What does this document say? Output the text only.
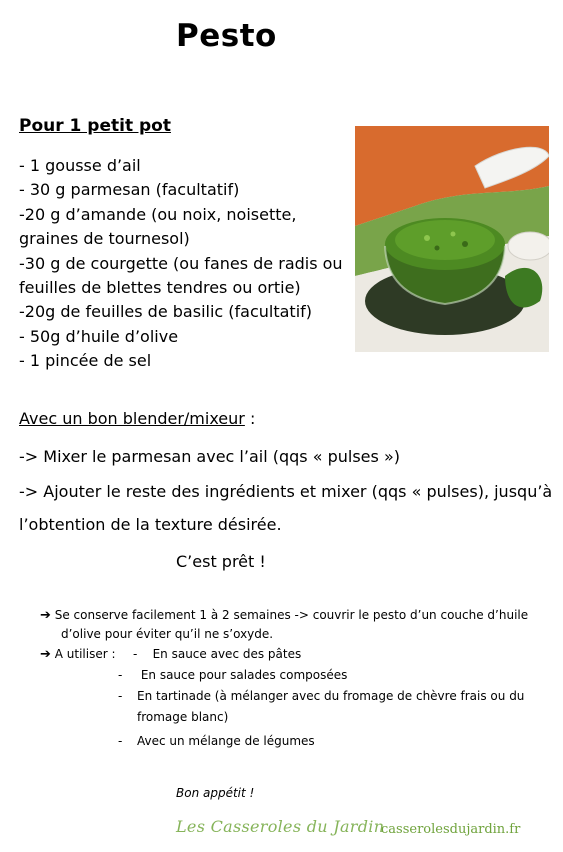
Pesto
Pour 1 petit pot
- 1 gousse d’ail
- 30 g parmesan (facultatif)
-20 g d’amande (ou noix, noisette,
graines de tournesol)
-30 g de courgette (ou fanes de radis ou
feuilles de blettes tendres ou ortie)
-20g de feuilles de basilic (facultatif)
- 50g d’huile d’olive
- 1 pincée de sel
Avec un bon blender/mixeur :
-> Mixer le parmesan avec l’ail (qqs « pulses »)
-> Ajouter le reste des ingrédients et mixer (qqs « pulses), jusqu’à
l’obtention de la texture désirée.
C’est prêt !
➔ Se conserve facilement 1 à 2 semaines -> couvrir le pesto d’un couche d’huile
d’olive pour éviter qu’il ne s’oxyde.
➔ A utiliser : -    En sauce avec des pâtes
- En sauce pour salades composées
- En tartinade (à mélanger avec du fromage de chèvre frais ou du
fromage blanc)
- Avec un mélange de légumes
Bon appétit !
Les Casseroles du Jardin
casserolesdujardin.fr
